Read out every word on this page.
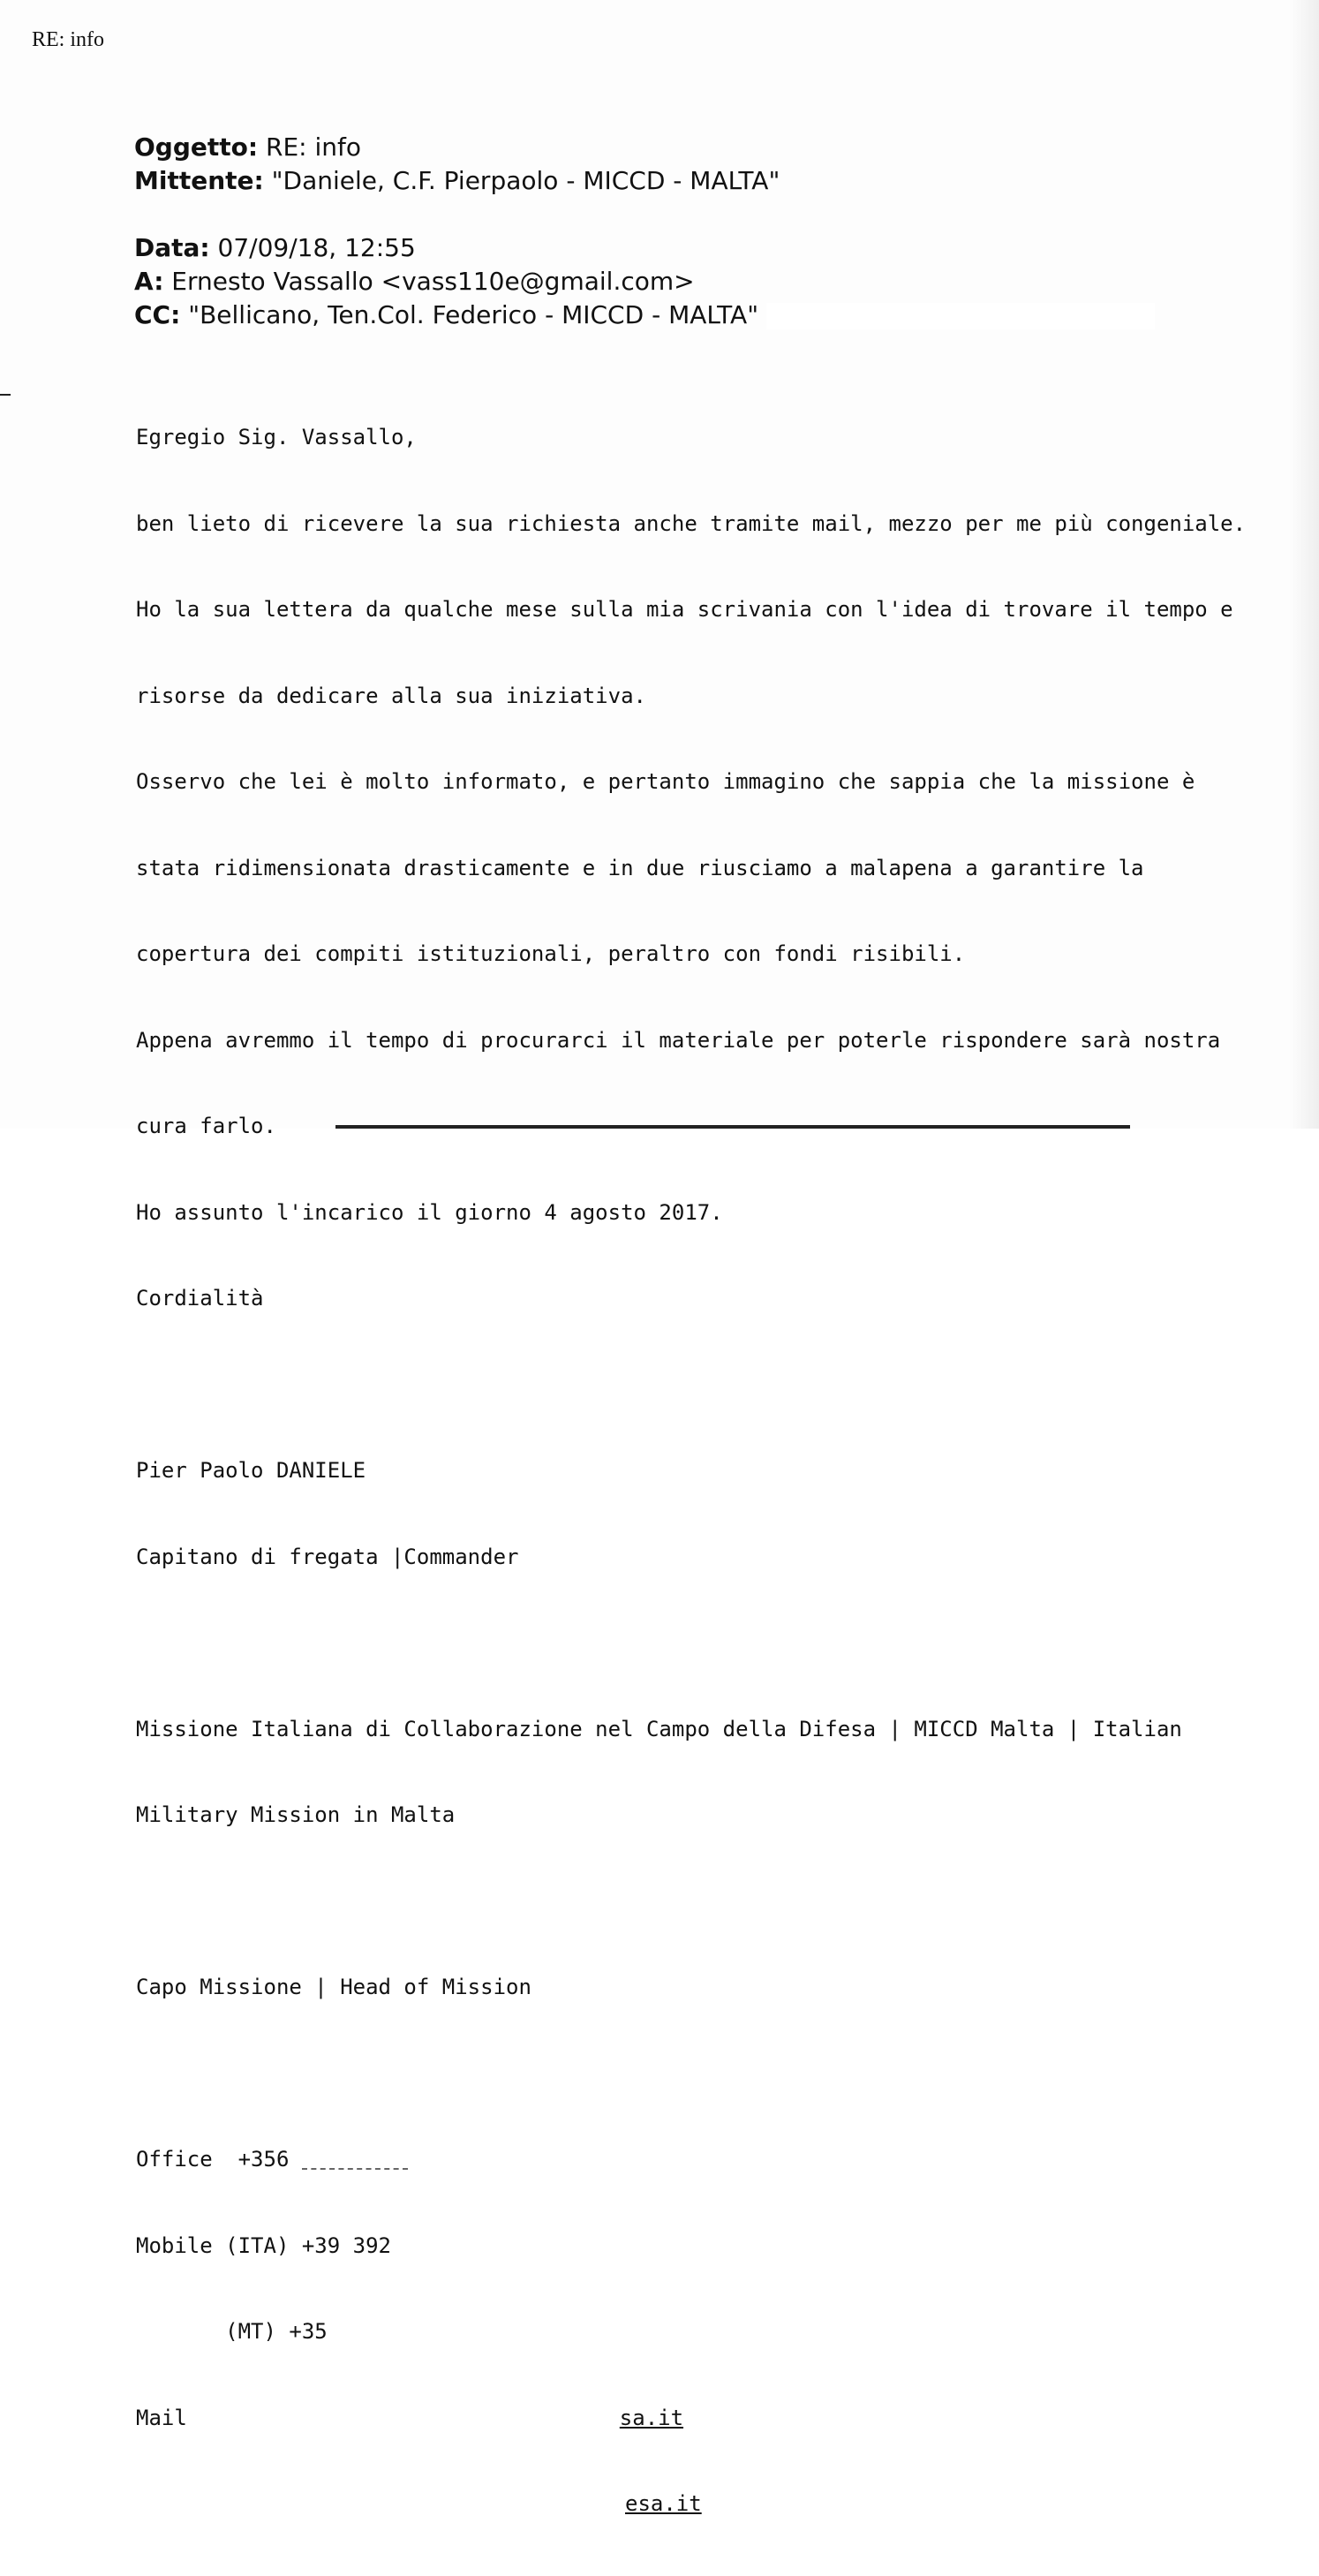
RE: info
Oggetto: RE: info
Mittente: "Daniele, C.F. Pierpaolo - MICCD - MALTA"
Data: 07/09/18, 12:55
A: Ernesto Vassallo <vass110e@gmail.com>
CC: "Bellicano, Ten.Col. Federico - MICCD - MALTA"

Egregio Sig. Vassallo,

ben lieto di ricevere la sua richiesta anche tramite mail, mezzo per me più congeniale.

Ho la sua lettera da qualche mese sulla mia scrivania con l'idea di trovare il tempo e

risorse da dedicare alla sua iniziativa.

Osservo che lei è molto informato, e pertanto immagino che sappia che la missione è

stata ridimensionata drasticamente e in due riusciamo a malapena a garantire la

copertura dei compiti istituzionali, peraltro con fondi risibili.

Appena avremmo il tempo di procurarci il materiale per poterle rispondere sarà nostra

cura farlo.

Ho assunto l'incarico il giorno 4 agosto 2017.

Cordialità

Pier Paolo DANIELE

Capitano di fregata |Commander

Missione Italiana di Collaborazione nel Campo della Difesa | MICCD Malta | Italian

Military Mission in Malta

Capo Missione | Head of Mission

Office  +356

Mobile (ITA) +39 392

(MT) +35

Mail	sa.it

esa.it
